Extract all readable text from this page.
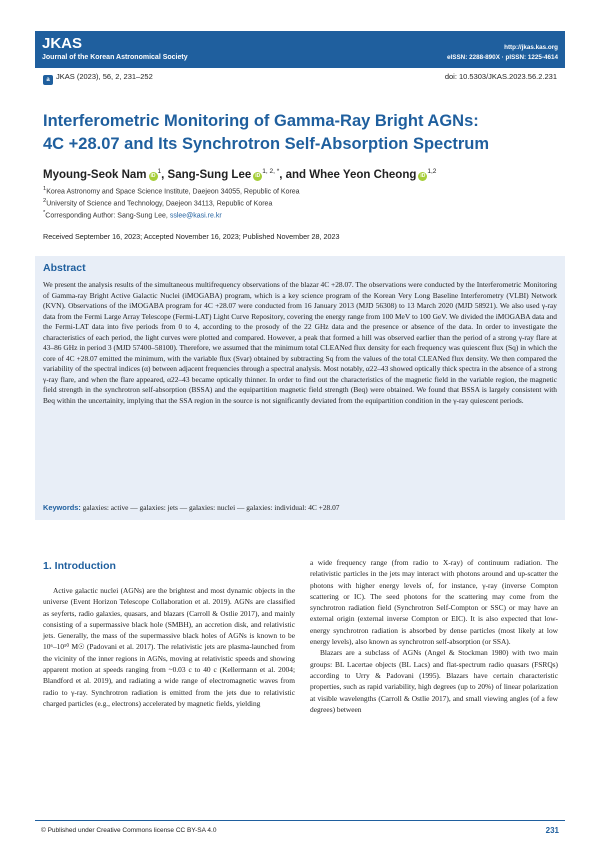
JKAS
Journal of the Korean Astronomical Society
http://jkas.kas.org
eISSN: 2288-890X · pISSN: 1225-4614
a JKAS (2023), 56, 2, 231–252	doi: 10.5303/JKAS.2023.56.2.231
Interferometric Monitoring of Gamma-Ray Bright AGNs:
4C +28.07 and Its Synchrotron Self-Absorption Spectrum
Myoung-Seok Nam $iD^1$, Sang-Sung Lee $iD^{1, 2, *}$, and Whee Yeon Cheong iD$^{1,2}$
$^1$Korea Astronomy and Space Science Institute, Daejeon 34055, Republic of Korea
$^2$University of Science and Technology, Daejeon 34113, Republic of Korea
*Corresponding Author: Sang-Sung Lee, sslee@kasi.re.kr
Received September 16, 2023; Accepted November 16, 2023; Published November 28, 2023
Abstract
We present the analysis results of the simultaneous multifrequency observations of the blazar 4C +28.07. The observations were conducted by the Interferometric Monitoring of Gamma-ray Bright Active Galactic Nuclei (iMOGABA) program, which is a key science program of the Korean Very Long Baseline Interferometry (VLBI) Network (KVN). Observations of the iMOGABA program for 4C +28.07 were conducted from 16 January 2013 (MJD 56308) to 13 March 2020 (MJD 58921). We also used γ-ray data from the Fermi Large Array Telescope (Fermi-LAT) Light Curve Repository, covering the energy range from 100 MeV to 100 GeV. We divided the iMOGABA data and the Fermi-LAT data into five periods from 0 to 4, according to the prosody of the 22 GHz data and the presence or absence of the data. In order to investigate the characteristics of each period, the light curves were plotted and compared. However, a peak that formed a hill was observed earlier than the period of a strong γ-ray flare at 43–86 GHz in period 3 (MJD 57400–58100). Therefore, we assumed that the minimum total CLEANed flux density for each frequency was quiescent flux (Sq) in which the core of 4C +28.07 emitted the minimum, with the variable flux (Svar) obtained by subtracting Sq from the values of the total CLEANed flux density. We then compared the variability of the spectral indices (α) between adjacent frequencies through a spectral analysis. Most notably, α22–43 showed optically thick spectra in the absence of a strong γ-ray flare, and when the flare appeared, α22–43 became optically thinner. In order to find out the characteristics of the magnetic field in the variable region, the magnetic field strength in the synchrotron self-absorption (BSSA) and the equipartition magnetic field strength (Beq) were obtained. We found that BSSA is largely consistent with Beq within the uncertainity, implying that the SSA region in the source is not significantly deviated from the equipartition condition in the γ-ray quiescent periods.
Keywords: galaxies: active — galaxies: jets — galaxies: nuclei — galaxies: individual: 4C +28.07
1. Introduction

Active galactic nuclei (AGNs) are the brightest and most dynamic objects in the universe (Event Horizon Telescope Collaboration et al. 2019). AGNs are classified as seyferts, radio galaxies, quasars, and blazars (Carroll & Ostlie 2017), and mainly consisting of a supermassive black hole (SMBH), an accretion disk, and relativistic jets. Generally, the mass of the supermassive black holes of AGNs is known to be 10⁶–10¹⁰ M☉ (Padovani et al. 2017). The relativistic jets are plasma-launched from the vicinity of the inner regions in AGNs, moving at relativistic speeds and showing apparent motion at speeds ranging from ~0.03 c to 40 c (Kellermann et al. 2004; Blandford et al. 2019), and radiating a wide range of electromagnetic waves from radio to γ-ray. Synchrotron radiation is emitted from the jets due to relativistic charged particles (e.g., electrons) accelerated by magnetic fields, yielding

a wide frequency range (from radio to X-ray) of continuum radiation. The relativistic particles in the jets may interact with photons around and up-scatter the photons with higher energy levels of, for instance, γ-ray (inverse Compton scattering or IC). The seed photons for the scattering may come from the synchrotron radiation field (Synchrotron Self-Compton or SSC) or may have an external origin (external inverse Compton or EIC). It is also expected that low-energy synchrotron radiation is absorbed by dense particles (most likely at low energy levels), also known as synchrotron self-absorption (or SSA).

Blazars are a subclass of AGNs (Angel & Stockman 1980) with two main groups: BL Lacertae objects (BL Lacs) and flat-spectrum radio quasars (FSRQs) according to Urry & Padovani (1995). Blazars have certain characteristic properties, such as rapid variability, high degrees (up to 20%) of linear polarization at visible wavelengths (Carroll & Ostlie 2017), and small viewing angles (of a few degrees) between

© Published under Creative Commons license CC BY-SA 4.0	231
